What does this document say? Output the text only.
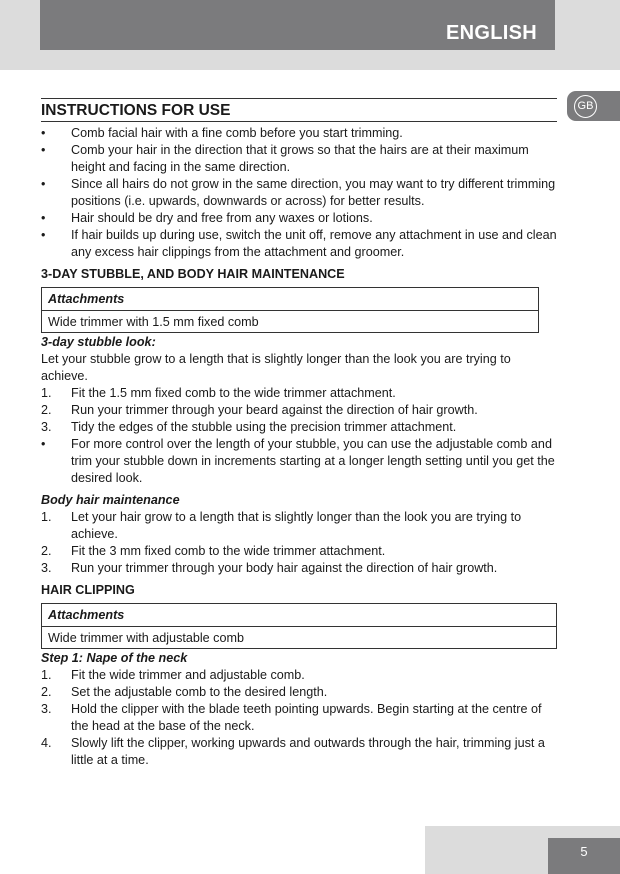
ENGLISH
GB
INSTRUCTIONS FOR USE
• Comb facial hair with a fine comb before you start trimming.
• Comb your hair in the direction that it grows so that the hairs are at their maximum height and facing in the same direction.
• Since all hairs do not grow in the same direction, you may want to try different trimming positions (i.e. upwards, downwards or across) for better results.
• Hair should be dry and free from any waxes or lotions.
• If hair builds up during use, switch the unit off, remove any attachment in use and clean any excess hair clippings from the attachment and groomer.
3-DAY STUBBLE, AND BODY HAIR MAINTENANCE
Attachments
Wide trimmer with 1.5 mm fixed comb
3-day stubble look:
Let your stubble grow to a length that is slightly longer than the look you are trying to achieve.
1. Fit the 1.5 mm fixed comb to the wide trimmer attachment.
2. Run your trimmer through your beard against the direction of hair growth.
3. Tidy the edges of the stubble using the precision trimmer attachment.
• For more control over the length of your stubble, you can use the adjustable comb and trim your stubble down in increments starting at a longer length setting until you get the desired look.
Body hair maintenance
1. Let your hair grow to a length that is slightly longer than the look you are trying to achieve.
2. Fit the 3 mm fixed comb to the wide trimmer attachment.
3. Run your trimmer through your body hair against the direction of hair growth.
HAIR CLIPPING
Attachments
Wide trimmer with adjustable comb
Step 1: Nape of the neck
1. Fit the wide trimmer and adjustable comb.
2. Set the adjustable comb to the desired length.
3. Hold the clipper with the blade teeth pointing upwards. Begin starting at the centre of the head at the base of the neck.
4. Slowly lift the clipper, working upwards and outwards through the hair, trimming just a little at a time.
5
